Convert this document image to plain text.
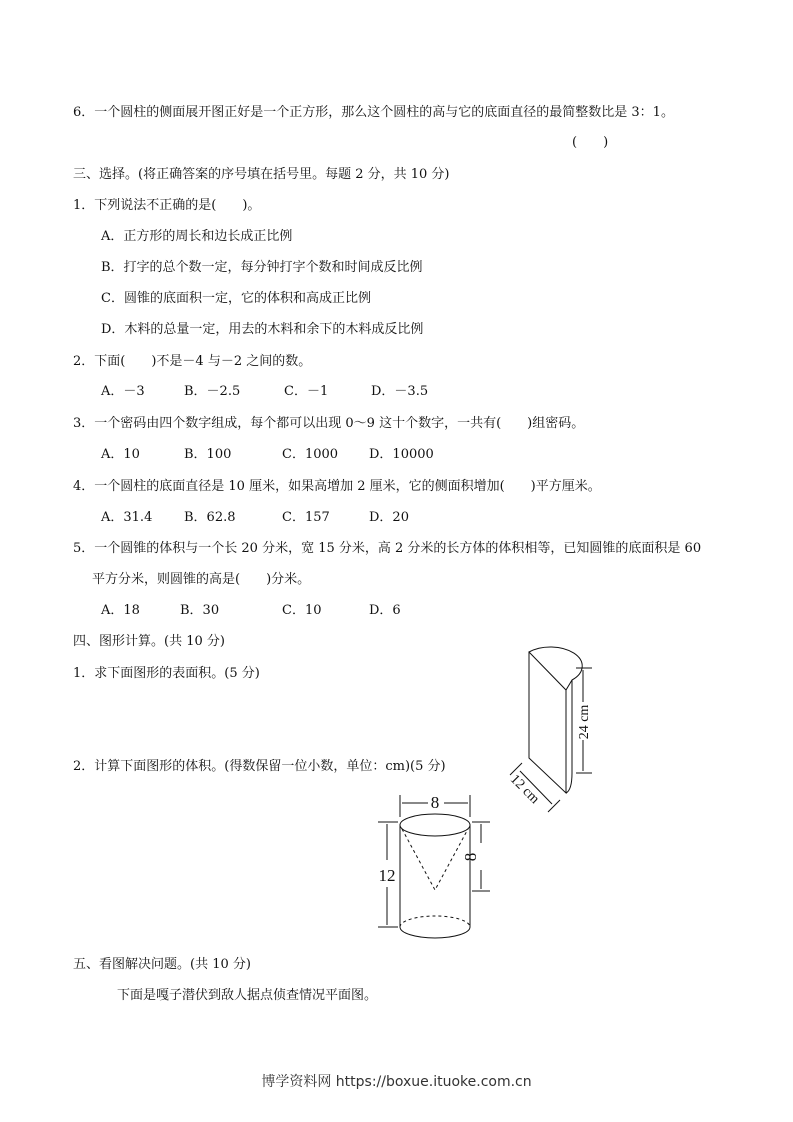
6．一个圆柱的侧面展开图正好是一个正方形，那么这个圆柱的高与它的底面直径的最简整数比是 3：1。
(　　)
三、选择。(将正确答案的序号填在括号里。每题 2 分，共 10 分)
1．下列说法不正确的是(　　)。
A．正方形的周长和边长成正比例
B．打字的总个数一定，每分钟打字个数和时间成反比例
C．圆锥的底面积一定，它的体积和高成正比例
D．木料的总量一定，用去的木料和余下的木料成反比例
2．下面(　　)不是－4 与－2 之间的数。
A．－3	B．－2.5	C．－1	D．－3.5
3．一个密码由四个数字组成，每个都可以出现 0～9 这十个数字，一共有(　　)组密码。
A．10	B．100	C．1000 D．10000
4．一个圆柱的底面直径是 10 厘米，如果高增加 2 厘米，它的侧面积增加(　　)平方厘米。
A．31.4 B．62.8	C．157	D．20
5．一个圆锥的体积与一个长 20 分米，宽 15 分米，高 2 分米的长方体的体积相等，已知圆锥的底面积是 60
平方分米，则圆锥的高是(　　)分米。
A．18	B．30	C．10	D．6
四、图形计算。(共 10 分)
1．求下面图形的表面积。(5 分)
2．计算下面图形的体积。(得数保留一位小数，单位：cm)(5 分)
24 cm
12 cm
8
12
8
五、看图解决问题。(共 10 分)
下面是嘎子潜伏到敌人据点侦查情况平面图。
博学资料网 https://boxue.ituoke.com.cn
